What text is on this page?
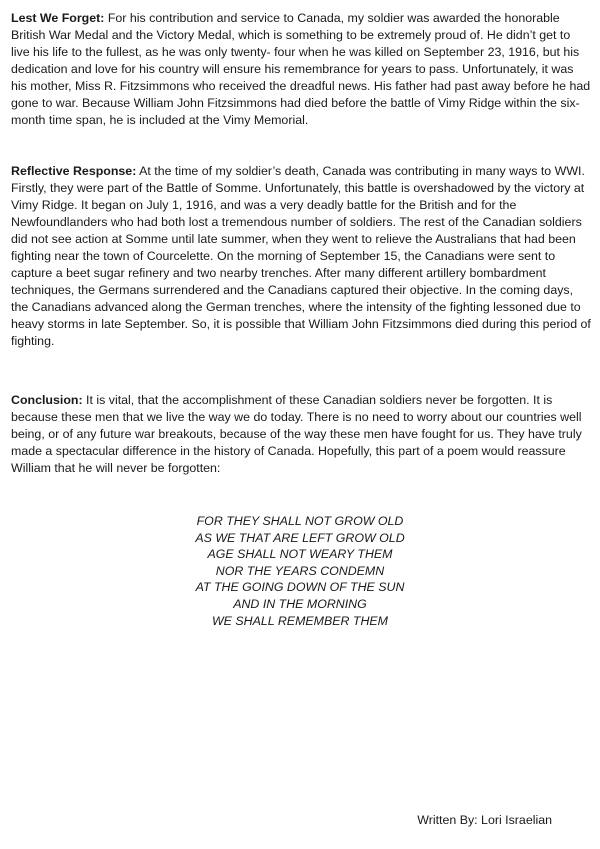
Lest We Forget: For his contribution and service to Canada, my soldier was awarded the honorable British War Medal and the Victory Medal, which is something to be extremely proud of. He didn’t get to live his life to the fullest, as he was only twenty- four when he was killed on September 23, 1916, but his dedication and love for his country will ensure his remembrance for years to pass. Unfortunately, it was his mother, Miss R. Fitzsimmons who received the dreadful news. His father had past away before he had gone to war. Because William John Fitzsimmons had died before the battle of Vimy Ridge within the six- month time span, he is included at the Vimy Memorial.

Reflective Response: At the time of my soldier’s death, Canada was contributing in many ways to WWI. Firstly, they were part of the Battle of Somme. Unfortunately, this battle is overshadowed by the victory at Vimy Ridge. It began on July 1, 1916, and was a very deadly battle for the British and for the Newfoundlanders who had both lost a tremendous number of soldiers. The rest of the Canadian soldiers did not see action at Somme until late summer, when they went to relieve the Australians that had been fighting near the town of Courcelette. On the morning of September 15, the Canadians were sent to capture a beet sugar refinery and two nearby trenches. After many different artillery bombardment techniques, the Germans surrendered and the Canadians captured their objective. In the coming days, the Canadians advanced along the German trenches, where the intensity of the fighting lessoned due to heavy storms in late September. So, it is possible that William John Fitzsimmons died during this period of fighting.

Conclusion: It is vital, that the accomplishment of these Canadian soldiers never be forgotten. It is because these men that we live the way we do today. There is no need to worry about our countries well being, or of any future war breakouts, because of the way these men have fought for us. They have truly made a spectacular difference in the history of Canada. Hopefully, this part of a poem would reassure William that he will never be forgotten:

FOR THEY SHALL NOT GROW OLD
AS WE THAT ARE LEFT GROW OLD
AGE SHALL NOT WEARY THEM
NOR THE YEARS CONDEMN
AT THE GOING DOWN OF THE SUN
AND IN THE MORNING
WE SHALL REMEMBER THEM
Written By: Lori Israelian
